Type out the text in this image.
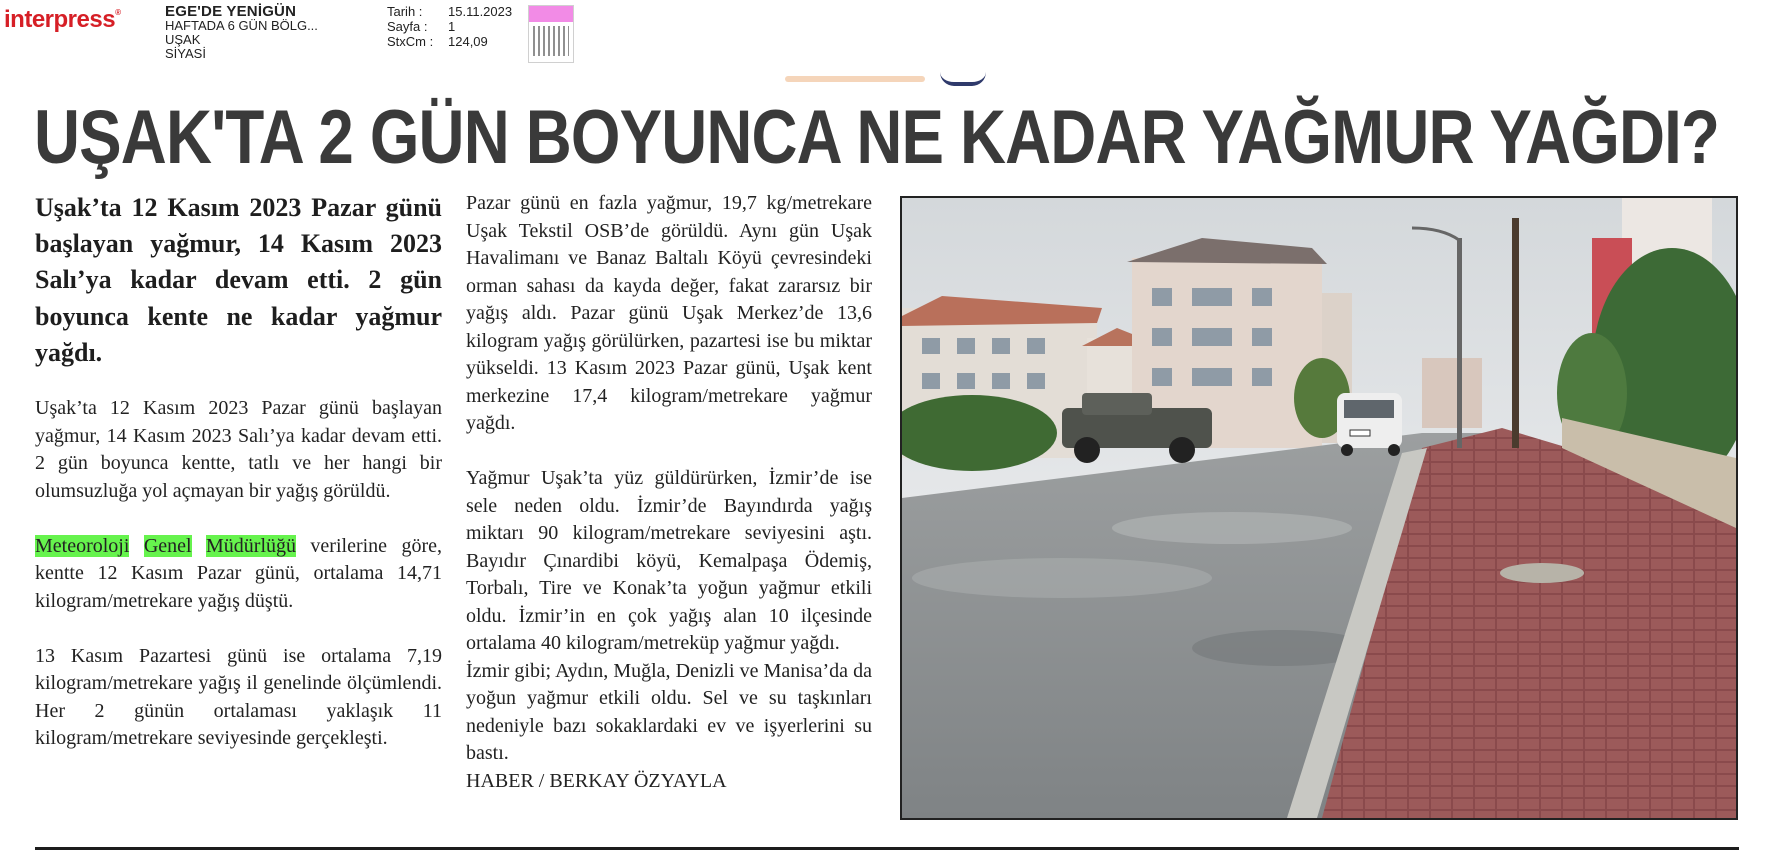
interpress®	EGE'DE YENİGÜN
HAFTADA 6 GÜN BÖLG...
UŞAK
SİYASİ
Tarih :	15.11.2023
Sayfa :	1
StxCm :	124,09
UŞAK'TA 2 GÜN BOYUNCA NE KADAR YAĞMUR YAĞDI?

Uşak’ta 12 Kasım 2023 Pazar günü başlayan yağmur, 14 Kasım 2023 Salı’ya kadar devam etti. 2 gün boyunca kente ne kadar yağmur yağdı.

Uşak’ta 12 Kasım 2023 Pazar günü başlayan yağmur, 14 Kasım 2023 Salı’ya kadar devam etti. 2 gün boyunca kentte, tatlı ve her hangi bir olumsuzluğa yol açmayan bir yağış görüldü.

Meteoroloji Genel Müdürlüğü verilerine göre, kentte 12 Kasım Pazar günü, ortalama 14,71 kilogram/metrekare yağış düştü.

13 Kasım Pazartesi günü ise ortalama 7,19 kilogram/metrekare yağış il genelinde ölçümlendi. Her 2 günün ortalaması yaklaşık 11 kilogram/metrekare seviyesinde gerçekleşti.

Pazar günü en fazla yağmur, 19,7 kg/metrekare Uşak Tekstil OSB’de görüldü. Aynı gün Uşak Havalimanı ve Banaz Baltalı Köyü çevresindeki orman sahası da kayda değer, fakat zararsız bir yağış aldı. Pazar günü Uşak Merkez’de 13,6 kilogram yağış görülürken, pazartesi ise bu miktar yükseldi. 13 Kasım 2023 Pazar günü, Uşak kent merkezine 17,4 kilogram/metrekare yağmur yağdı.

Yağmur Uşak’ta yüz güldürürken, İzmir’de ise sele neden oldu. İzmir’de Bayındırda yağış miktarı 90 kilogram/metrekare seviyesini aştı. Bayıdır Çınardibi köyü, Kemalpaşa Ödemiş, Torbalı, Tire ve Konak’ta yoğun yağmur etkili oldu. İzmir’in en çok yağış alan 10 ilçesinde ortalama 40 kilogram/metreküp yağmur yağdı.

İzmir gibi; Aydın, Muğla, Denizli ve Manisa’da da yoğun yağmur etkili oldu. Sel ve su taşkınları nedeniyle bazı sokaklardaki ev ve işyerlerini su bastı.

HABER / BERKAY ÖZYAYLA
